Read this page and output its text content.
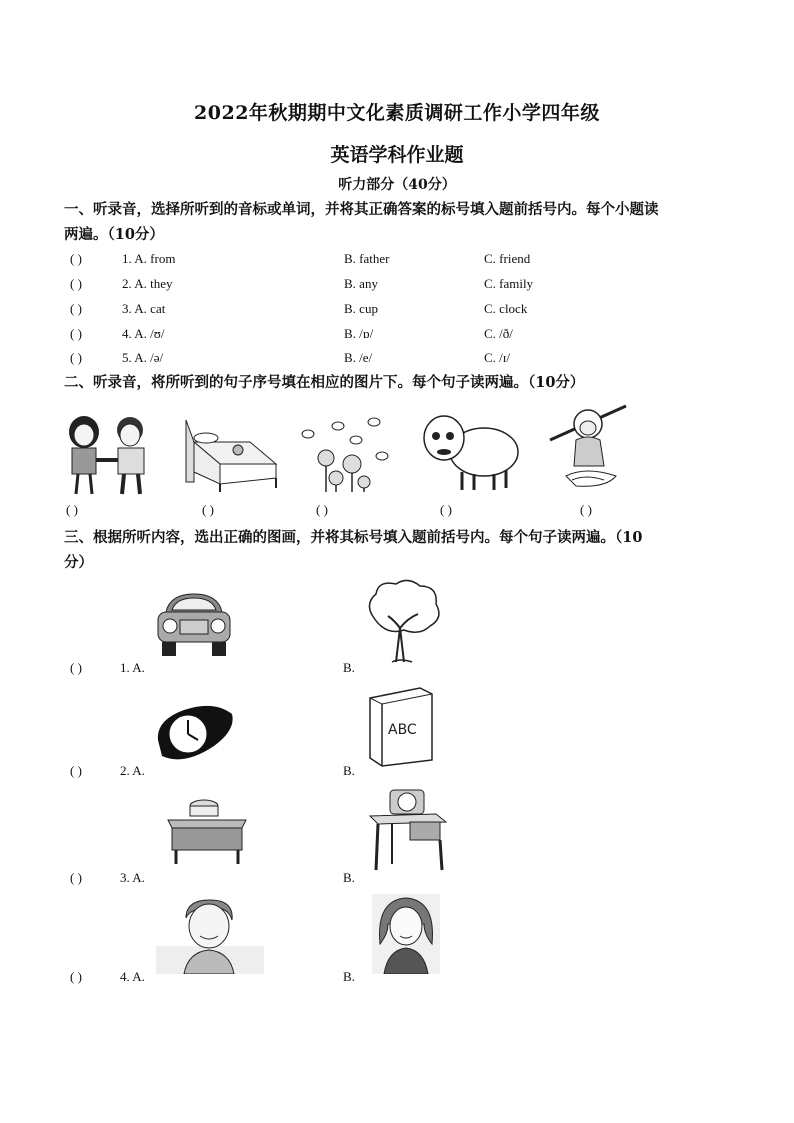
2022年秋期期中文化素质调研工作小学四年级
英语学科作业题
听力部分（40分）
一、听录音，选择所听到的音标或单词，并将其正确答案的标号填入题前括号内。每个小题读
两遍。（10分）
( )	1. A. from	B. father	C. friend
( )	2. A. they	B. any	C. family
( )	3. A. cat	B. cup	C. clock
( )	4. A. /ʊ/	B. /ɒ/	C. /ð/
( )	5. A. /ə/	B. /e/	C. /ɪ/
二、听录音，将所听到的句子序号填在相应的图片下。每个句子读两遍。（10分）
( )	( )	( )	( )	( )
三、根据所听内容，选出正确的图画，并将其标号填入题前括号内。每个句子读两遍。（10
分）
( )	1. A.	B.
ABC
( )	2. A.	B.
( )	3. A.	B.
( )	4. A.	B.
